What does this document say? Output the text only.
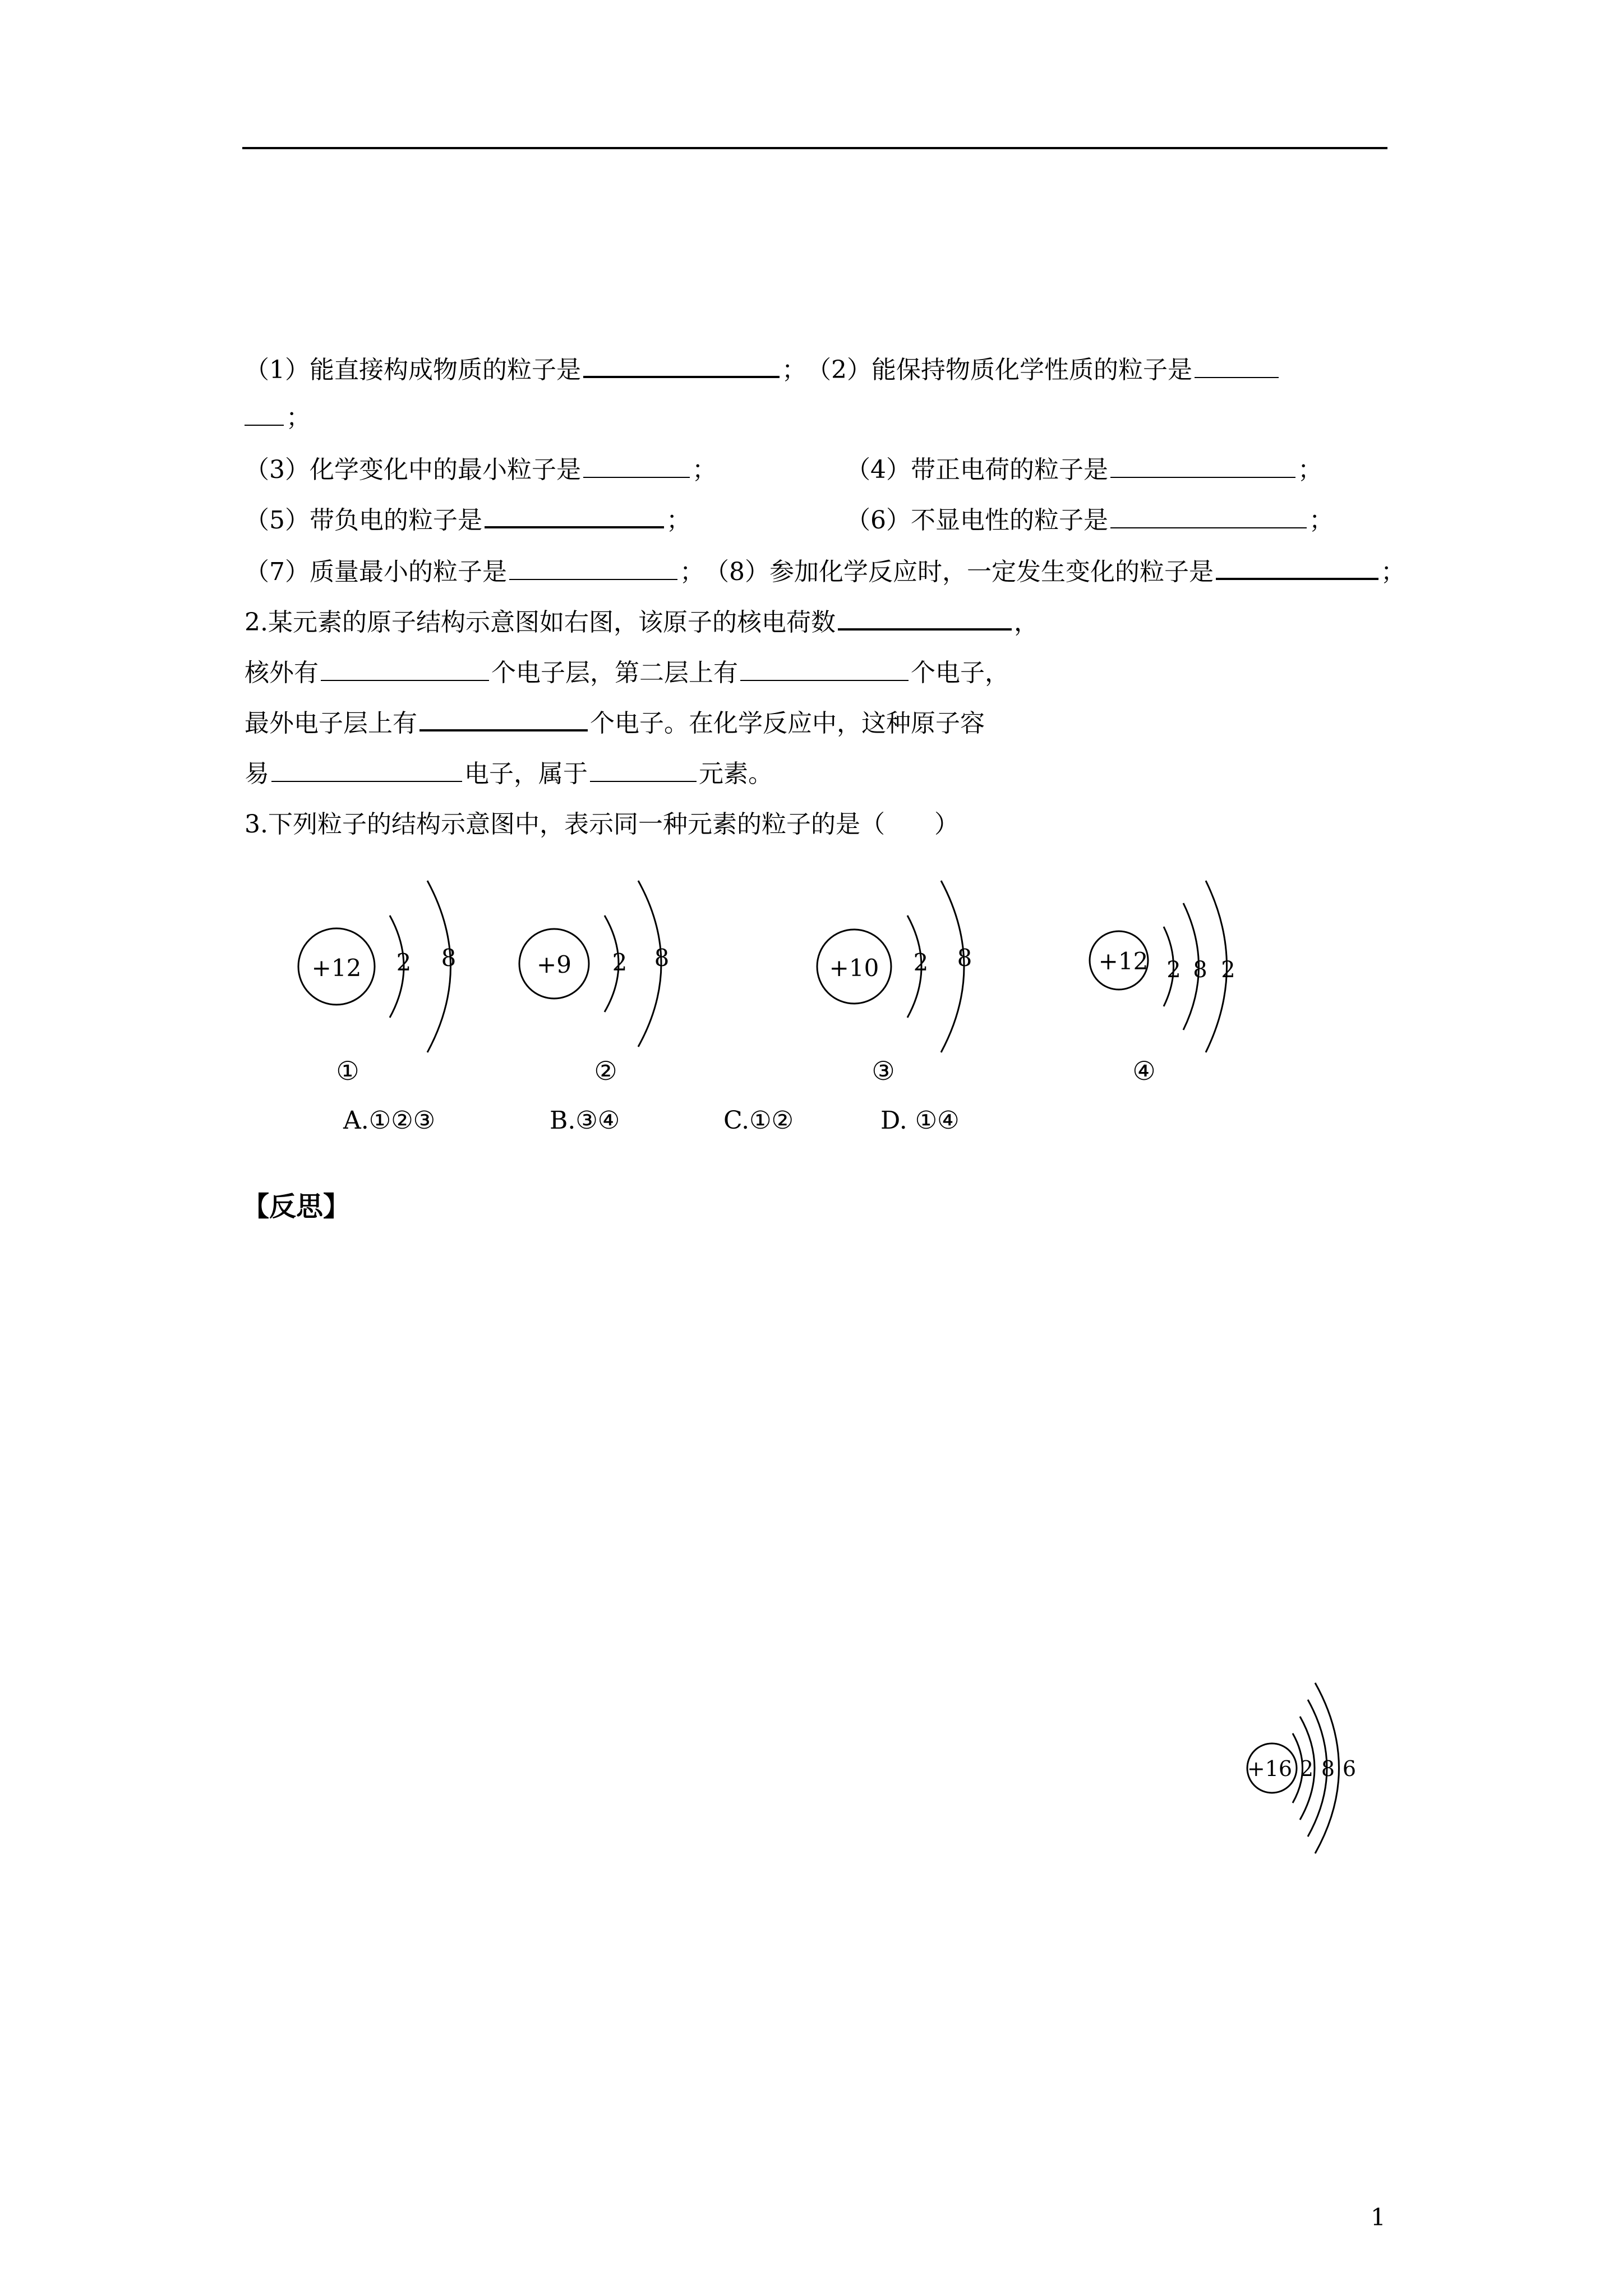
（1）能直接构成物质的粒子是	；（2）能保持物质化学性质的粒子是
；
（3）化学变化中的最小粒子是	；	（4）带正电荷的粒子是	；
（5）带负电的粒子是	；	（6）不显电性的粒子是	；
（7）质量最小的粒子是	；（8）参加化学反应时，一定发生变化的粒子是	；
2.某元素的原子结构示意图如右图，该原子的核电荷数	，
核外有	个电子层，第二层上有	个电子，
最外电子层上有	个电子。在化学反应中，这种原子容
易	电子，属于	元素。
3.下列粒子的结构示意图中，表示同一种元素的粒子的是（　　）
+12 2 8
①
+9 2 8
②
+10 2 8
③
+12 2 8 2
④
A.①②③	B.③④	C.①②	D. ①④
+16 2 8 6
【反思】
1
